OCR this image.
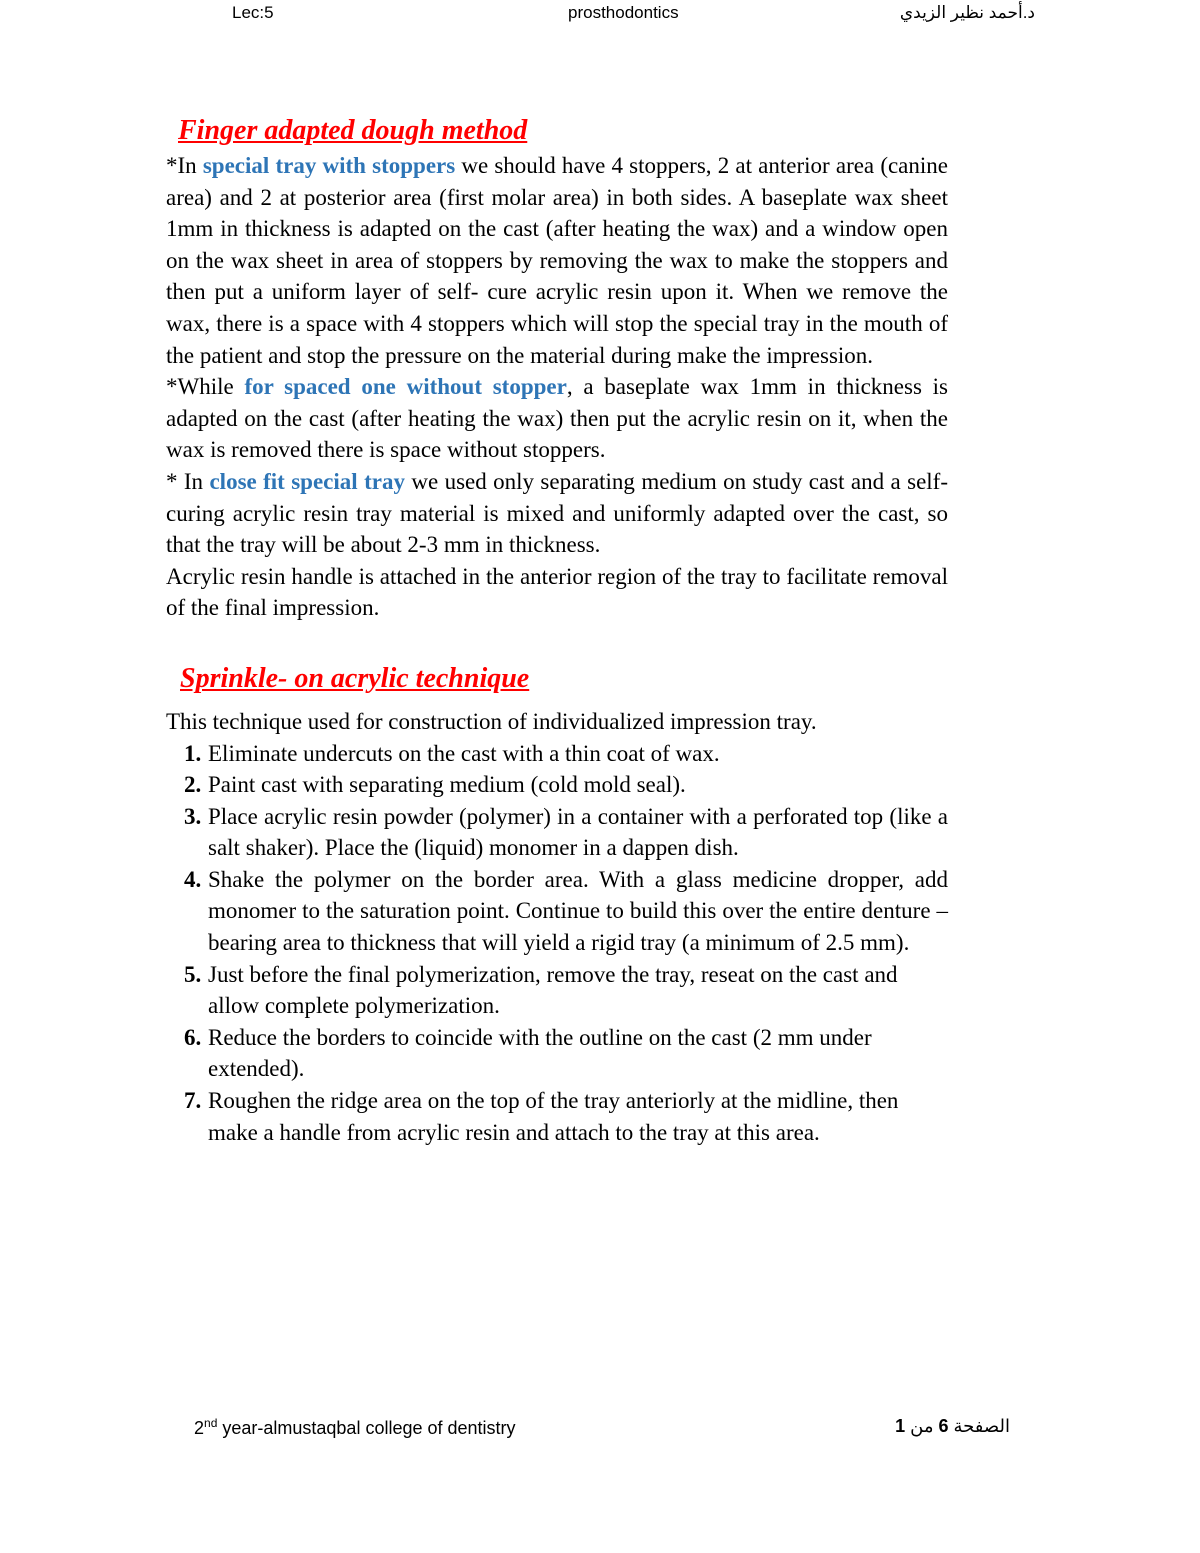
Lec:5	prosthodontics	د.أحمد نظير الزيدي

Finger adapted dough method

*In special tray with stoppers we should have 4 stoppers, 2 at anterior area (canine area) and 2 at posterior area (first molar area) in both sides. A baseplate wax sheet 1mm in thickness is adapted on the cast (after heating the wax) and a window open on the wax sheet in area of stoppers by removing the wax to make the stoppers and then put a uniform layer of self- cure acrylic resin upon it. When we remove the wax, there is a space with 4 stoppers which will stop the special tray in the mouth of the patient and stop the pressure on the material during make the impression.

*While for spaced one without stopper, a baseplate wax 1mm in thickness is adapted on the cast (after heating the wax) then put the acrylic resin on it, when the wax is removed there is space without stoppers.

* In close fit special tray we used only separating medium on study cast and a self-curing acrylic resin tray material is mixed and uniformly adapted over the cast, so that the tray will be about 2-3 mm in thickness.

Acrylic resin handle is attached in the anterior region of the tray to facilitate removal of the final impression.

Sprinkle- on acrylic technique

This technique used for construction of individualized impression tray.

1. Eliminate undercuts on the cast with a thin coat of wax.
2. Paint cast with separating medium (cold mold seal).
3. Place acrylic resin powder (polymer) in a container with a perforated top (like a salt shaker). Place the (liquid) monomer in a dappen dish.
4. Shake the polymer on the border area. With a glass medicine dropper, add monomer to the saturation point. Continue to build this over the entire denture – bearing area to thickness that will yield a rigid tray (a minimum of 2.5 mm).
5. Just before the final polymerization, remove the tray, reseat on the cast and allow complete polymerization.
6. Reduce the borders to coincide with the outline on the cast (2 mm under extended).
7. Roughen the ridge area on the top of the tray anteriorly at the midline, then make a handle from acrylic resin and attach to the tray at this area.
2nd year-almustaqbal college of dentistry	الصفحة 6 من 1
